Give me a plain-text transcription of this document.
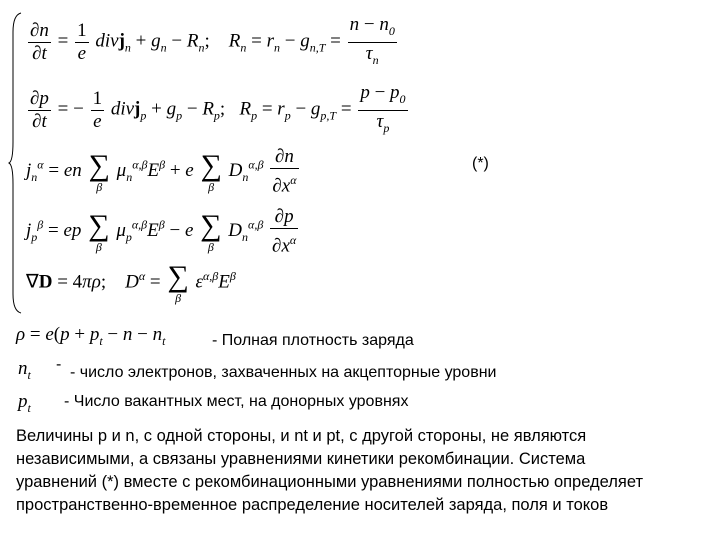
$\frac{\partial n}{\partial t} = \frac{1}{e}$ divj$_n$ + $g_n - R_n$;    $R_n = r_n - g_{n,T} = \frac{n - n_0}{\tau_n}$
$\frac{\partial p}{\partial t}$ = − $\frac{1}{e}$ divj$_p$ + $g_p - R_p$;   $R_p = r_p - g_{p,T} = \frac{p - p_0}{\tau_p}$
$j_n^\alpha$ = en ∑
β
$\mu_n^{\alpha,\beta}E^\beta + e$ ∑
β
$D_n^{\alpha,\beta} \frac{\partial n}{\partial x^\alpha}$	(*)
$j_p^\beta$ = ep ∑
β
$\mu_p^{\alpha,\beta}E^\beta - e$ ∑
β
$D_n^{\alpha,\beta} \frac{\partial p}{\partial x^\alpha}$
∇D = 4πρ;    $D^\alpha$ = ∑
β
$\varepsilon^{\alpha,\beta}E^\beta$
$\rho = e(p + p_t - n - n_t$	- Полная плотность заряда
$n_t$
- - число электронов, захваченных на акцепторные уровни
$p_t$ - Число вакантных мест, на донорных уровнях
Величины p и n, с одной стороны, и nt и pt, с другой стороны, не являются
независимыми, а связаны уравнениями кинетики рекомбинации. Система
уравнений (*) вместе с рекомбинационными уравнениями полностью определяет
пространственно-временное распределение носителей заряда, поля и токов
